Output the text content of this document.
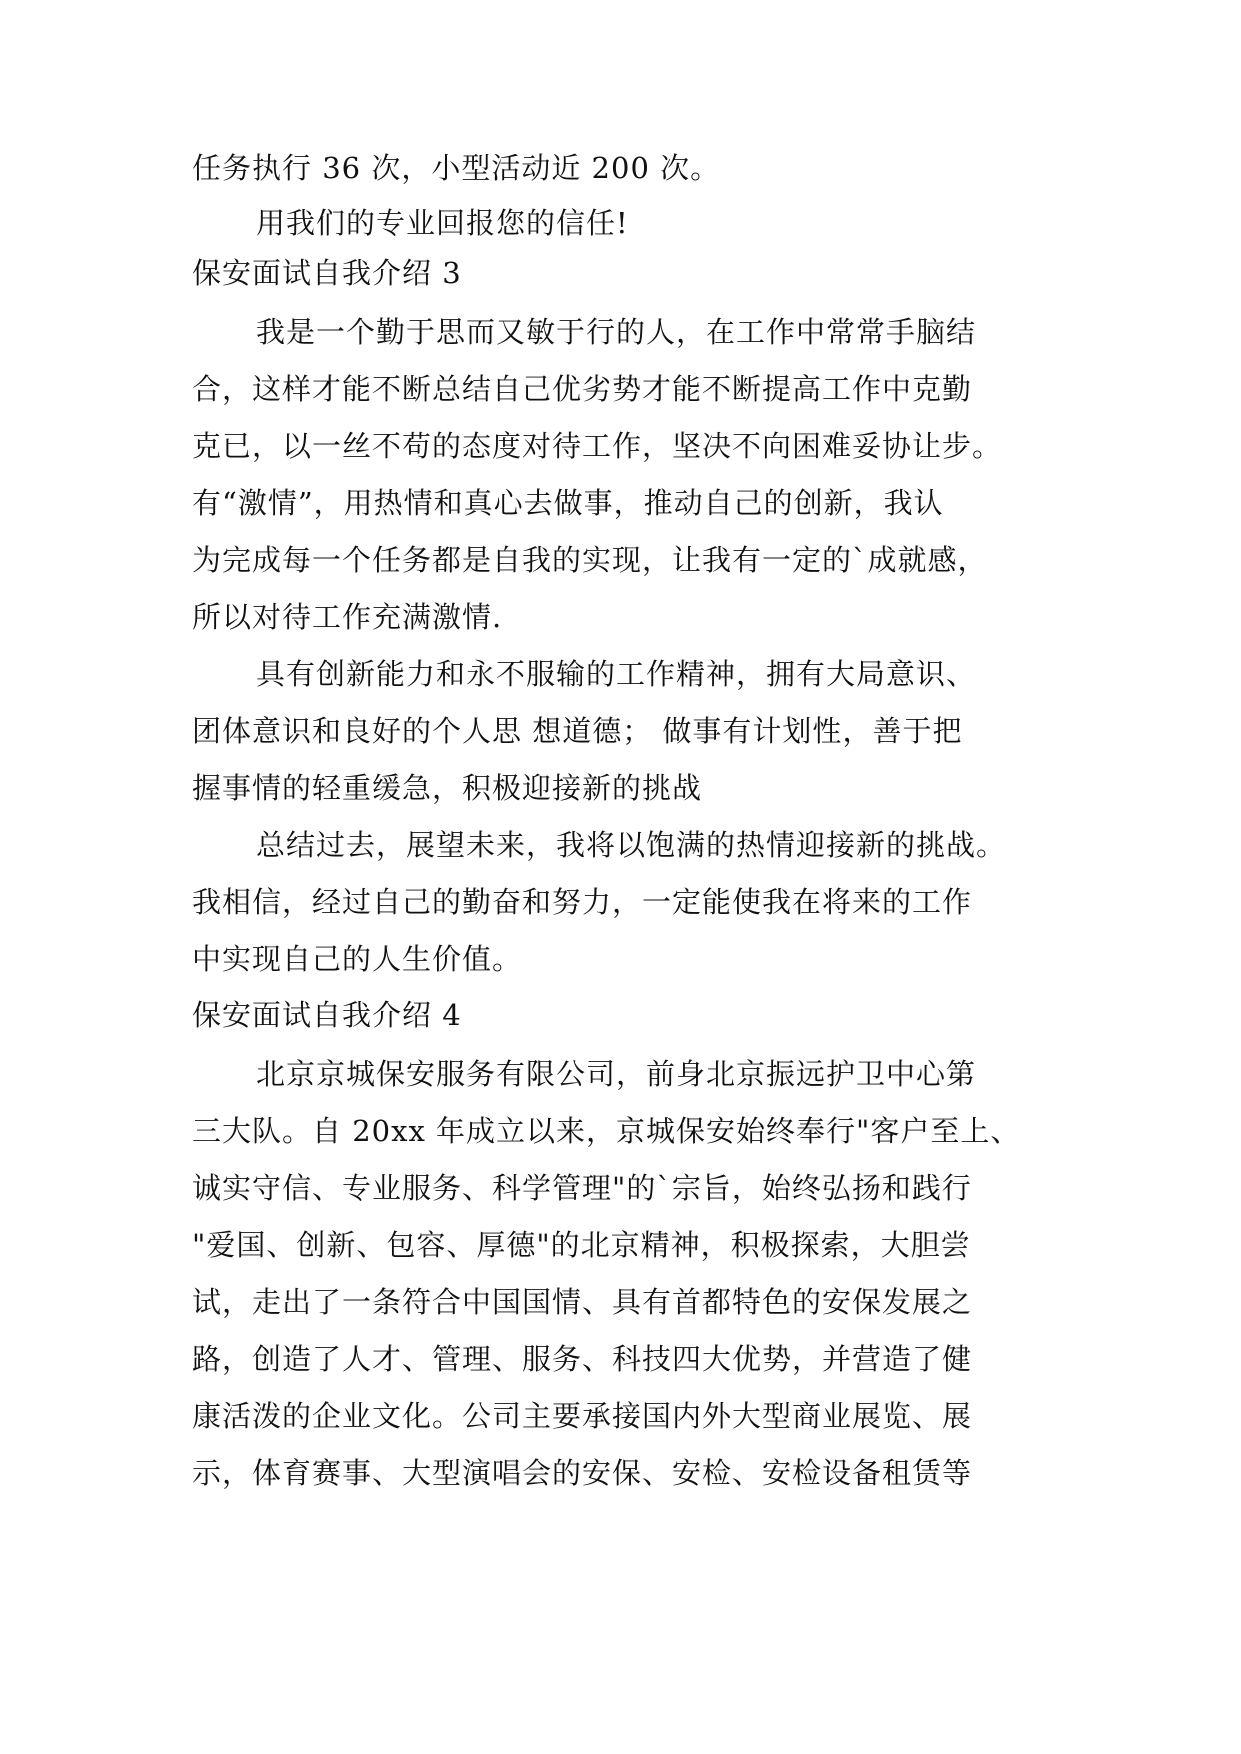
任务执行 36 次，小型活动近 200 次。
用我们的专业回报您的信任!
保安面试自我介绍 3
我是一个勤于思而又敏于行的人，在工作中常常手脑结
合，这样才能不断总结自己优劣势才能不断提高工作中克勤
克已，以一丝不苟的态度对待工作，坚决不向困难妥协让步。
有“激情”，用热情和真心去做事，推动自己的创新，我认
为完成每一个任务都是自我的实现，让我有一定的`成就感，
所以对待工作充满激情.
具有创新能力和永不服输的工作精神，拥有大局意识、
团体意识和良好的个人思 想道德； 做事有计划性，善于把
握事情的轻重缓急，积极迎接新的挑战
总结过去，展望未来，我将以饱满的热情迎接新的挑战。
我相信，经过自己的勤奋和努力，一定能使我在将来的工作
中实现自己的人生价值。
保安面试自我介绍 4
北京京城保安服务有限公司，前身北京振远护卫中心第
三大队。自 20xx 年成立以来，京城保安始终奉行"客户至上、
诚实守信、专业服务、科学管理"的`宗旨，始终弘扬和践行
"爱国、创新、包容、厚德"的北京精神，积极探索，大胆尝
试，走出了一条符合中国国情、具有首都特色的安保发展之
路，创造了人才、管理、服务、科技四大优势，并营造了健
康活泼的企业文化。公司主要承接国内外大型商业展览、展
示，体育赛事、大型演唱会的安保、安检、安检设备租赁等
